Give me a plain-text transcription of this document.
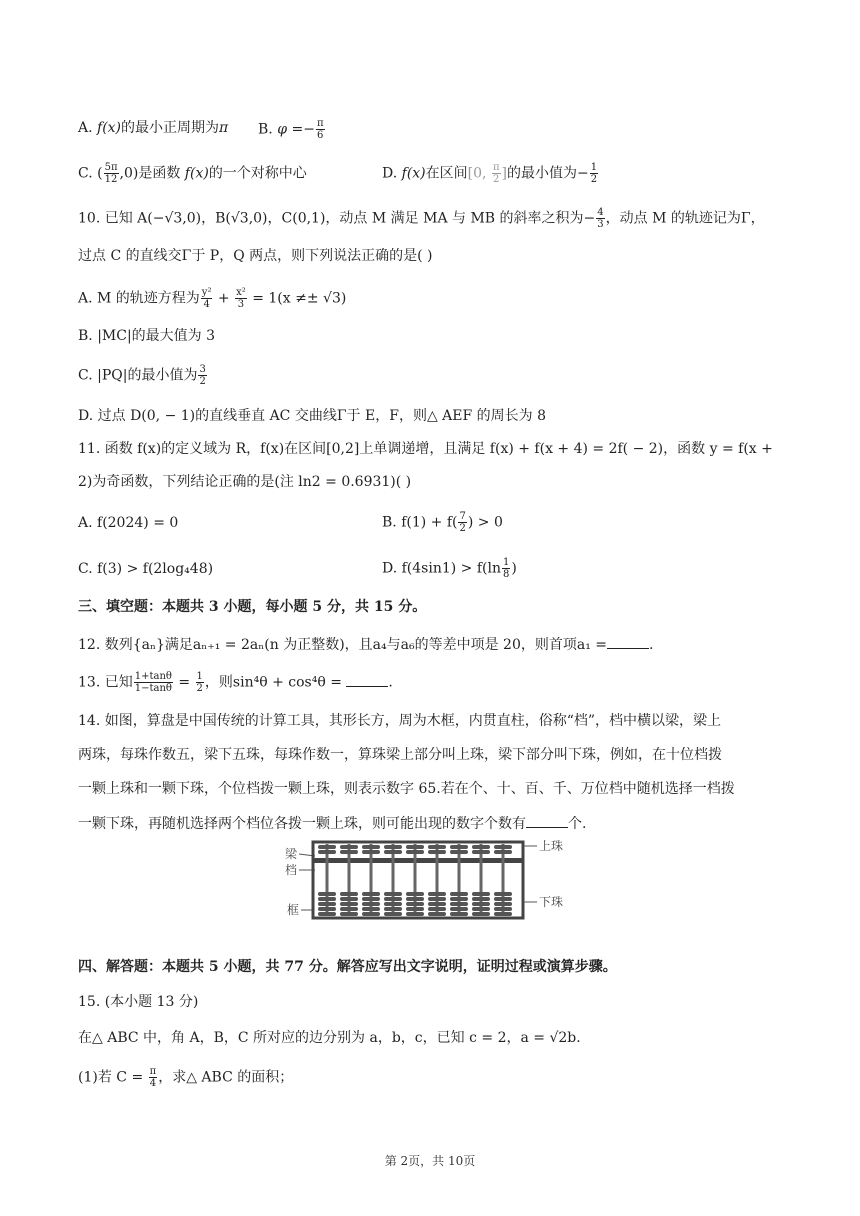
A. f(x)的最小正周期为π B. $\varphi =- \frac{\pi}{6}$
C. ( $\frac{5\pi}{12} ,0$)是函数 f(x)的一个对称中心	D. f(x)在区间[0, $\frac{\pi}{2}$ ]的最小值为− $\frac{1}{2}$
10. 已知 A(−√3,0)，B(√3,0)，C(0,1)，动点 M 满足 MA 与 MB 的斜率之积为− $\frac{4}{3}$ ，动点 M 的轨迹记为Γ，
过点 C 的直线交Γ于 P，Q 两点，则下列说法正确的是( )
A. M 的轨迹方程为 $\frac{\text{y²}}{4} + \frac{\text{x²}}{3} = 1(x \ne\pm √3)$
B. |MC|的最大值为 3
C. |PQ|的最小值为 $\frac{3}{2}$
D. 过点 D(0, − 1)的直线垂直 AC 交曲线Γ于 E，F，则△ AEF 的周长为 8
11. 函数 f(x)的定义域为 R，f(x)在区间[0,2]上单调递增，且满足 f(x) + f(x + 4) = 2f( − 2)，函数 y = f(x +
2)为奇函数，下列结论正确的是(注 ln2 = 0.6931)( )
A. f(2024) = 0	B. $f(1) + f( \frac{7}{2}$ ) > 0
C. f(3) > f(2log₄48)	D. $f(4\sin 1) > f(\ln \frac{1}{8}$ )
三、填空题：本题共 3 小题，每小题 5 分，共 15 分。
12. 数列{aₙ}满足aₙ₊₁ = 2aₙ(n 为正整数)，且a₄与a₆的等差中项是 20，则首项a₁ =	.
13. 已知 $\frac{1+\tan\theta}{1-\tan\theta} = \frac{1}{2}$ ，则sin⁴θ + cos⁴θ =	.
14. 如图，算盘是中国传统的计算工具，其形长方，周为木框，内贯直柱，俗称“档”，档中横以梁，梁上
两珠，每珠作数五，梁下五珠，每珠作数一，算珠梁上部分叫上珠，梁下部分叫下珠，例如，在十位档拨
一颗上珠和一颗下珠，个位档拨一颗上珠，则表示数字 65.若在个、十、百、千、万位档中随机选择一档拨
一颗下珠，再随机选择两个档位各拨一颗上珠，则可能出现的数字个数有	个.
梁
档
框
上珠
下珠
四、解答题：本题共 5 小题，共 77 分。解答应写出文字说明，证明过程或演算步骤。
15. (本小题 13 分)
在△ ABC 中，角 A，B，C 所对应的边分别为 a，b，c，已知 c = 2，a = √2b.
(1)若 $C = \frac{\pi}{4}$ ，求△ ABC 的面积；
第 2页，共 10页
